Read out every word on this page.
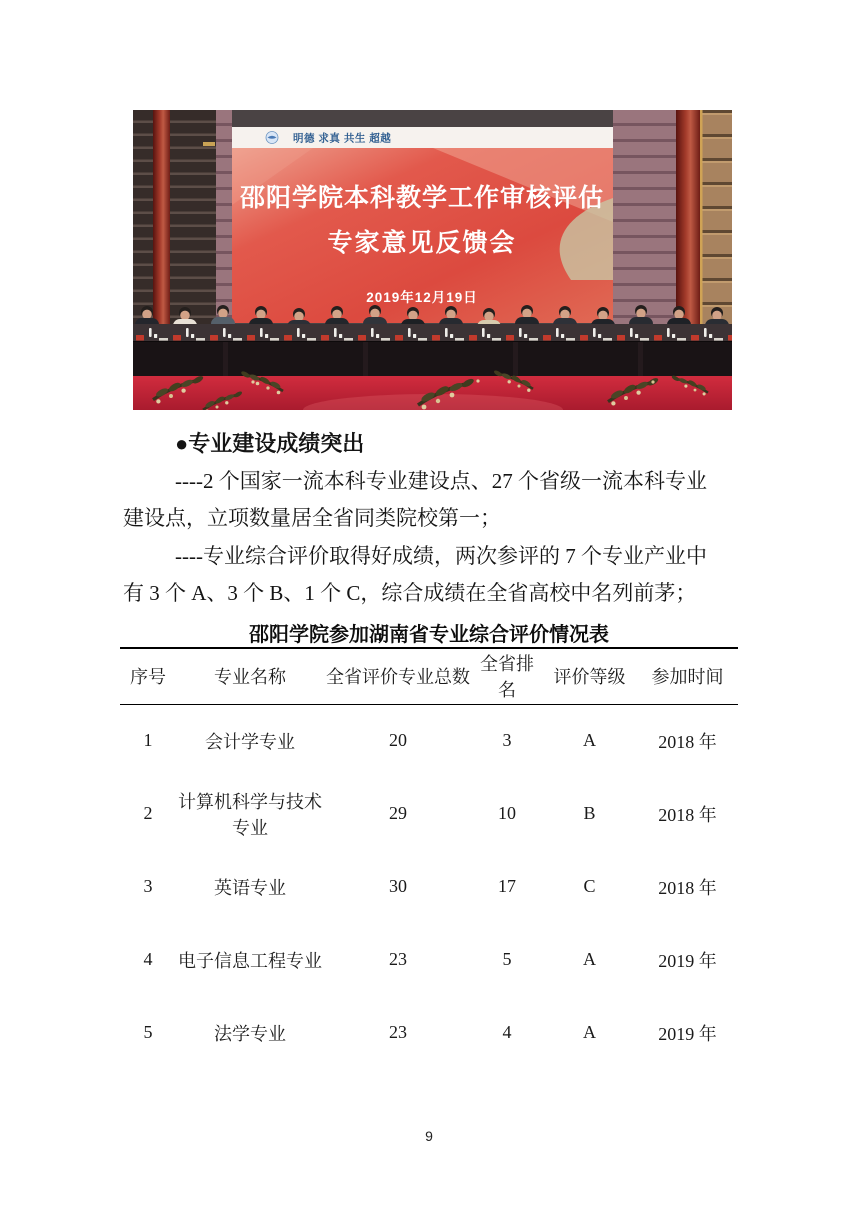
明德 求真 共生 超越
邵阳学院本科教学工作审核评估
专家意见反馈会
2019年12月19日
●专业建设成绩突出
----2 个国家一流本科专业建设点、27 个省级一流本科专业
建设点，立项数量居全省同类院校第一；
----专业综合评价取得好成绩，两次参评的 7 个专业产业中
有 3 个 A、3 个 B、1 个 C，综合成绩在全省高校中名列前茅；
邵阳学院参加湖南省专业综合评价情况表
序号	专业名称	全省评价专业总数	全省排名	评价等级	参加时间
1	会计学专业	20	3	A	2018 年
2	计算机科学与技术专业	29	10	B	2018 年
3	英语专业	30	17	C	2018 年
4	电子信息工程专业	23	5	A	2019 年
5	法学专业	23	4	A	2019 年
9
